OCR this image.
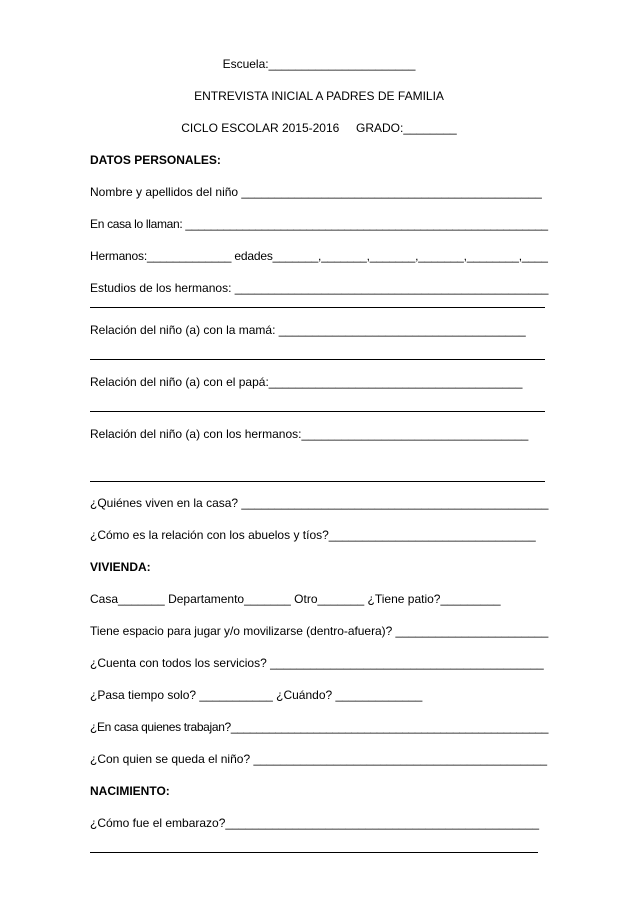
Escuela:______________________
ENTREVISTA INICIAL A PADRES DE FAMILIA
CICLO ESCOLAR 2015-2016     GRADO:________
DATOS PERSONALES:
Nombre y apellidos del niño _____________________________________________
En casa lo llaman: _________________________________________________________
Hermanos:_____________ edades_______,_______,_______,_______,________,____
Estudios de los hermanos: _______________________________________________
Relación del niño (a) con la mamá: _____________________________________
Relación del niño (a) con el papá:______________________________________
Relación del niño (a) con los hermanos:__________________________________
¿Quiénes viven en la casa? ______________________________________________
¿Cómo es la relación con los abuelos y tíos?_______________________________
VIVIENDA:
Casa_______ Departamento_______ Otro_______ ¿Tiene patio?_________
Tiene espacio para jugar y/o movilizarse (dentro-afuera)? _______________________
¿Cuenta con todos los servicios? _________________________________________
¿Pasa tiempo solo? ___________ ¿Cuándo? _____________
¿En casa quienes trabajan?__________________________________________________
¿Con quien se queda el niño? ____________________________________________
NACIMIENTO:
¿Cómo fue el embarazo?_______________________________________________
